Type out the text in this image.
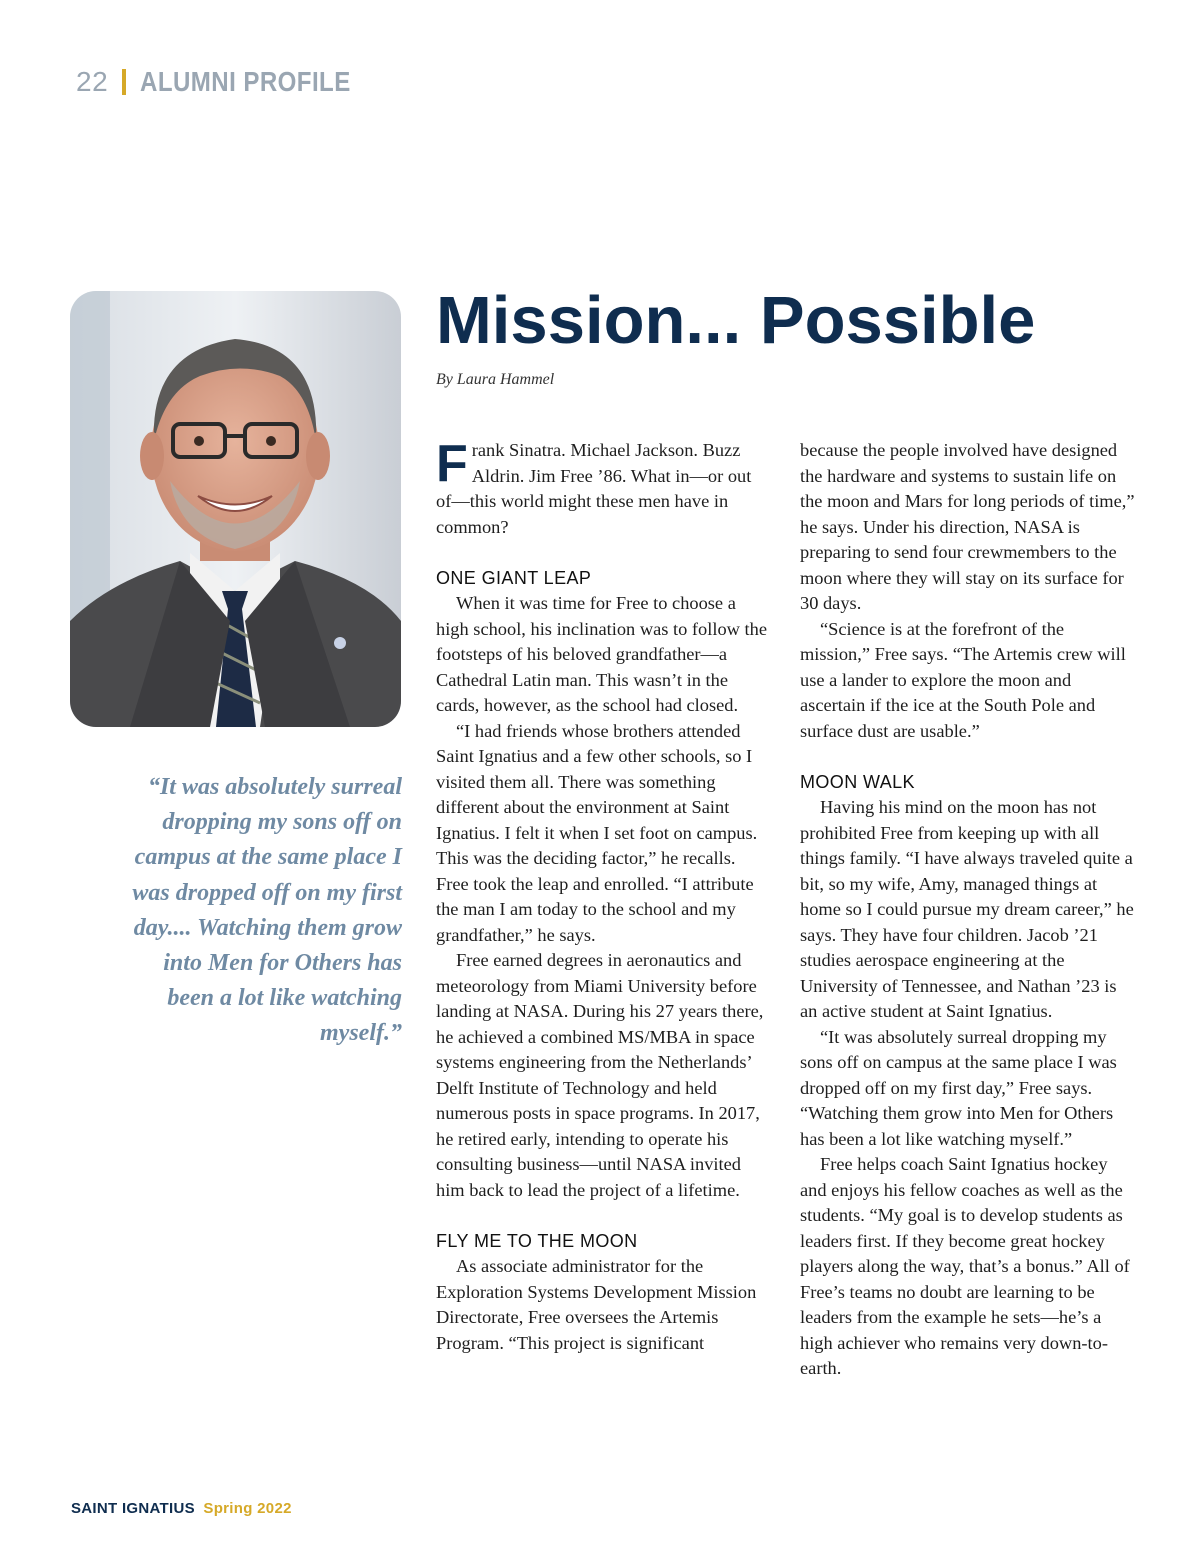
22 ALUMNI PROFILE
“It was absolutely surreal dropping my sons off on campus at the same place I was dropped off on my first day.... Watching them grow into Men for Others has been a lot like watching myself.”
Mission... Possible
By Laura Hammel

Frank Sinatra. Michael Jackson. Buzz Aldrin. Jim Free ’86. What in—or out of—this world might these men have in common?

ONE GIANT LEAP

When it was time for Free to choose a high school, his inclination was to follow the footsteps of his beloved grandfather—a Cathedral Latin man. This wasn’t in the cards, however, as the school had closed.

“I had friends whose brothers attended Saint Ignatius and a few other schools, so I visited them all. There was something different about the environment at Saint Ignatius. I felt it when I set foot on campus. This was the deciding factor,” he recalls. Free took the leap and enrolled. “I attribute the man I am today to the school and my grandfather,” he says.

Free earned degrees in aeronautics and meteorology from Miami University before landing at NASA. During his 27 years there, he achieved a combined MS/MBA in space systems engineering from the Netherlands’ Delft Institute of Technology and held numerous posts in space programs. In 2017, he retired early, intending to operate his consulting business—until NASA invited him back to lead the project of a lifetime.

FLY ME TO THE MOON

As associate administrator for the Exploration Systems Development Mission Directorate, Free oversees the Artemis Program. “This project is significant

because the people involved have designed the hardware and systems to sustain life on the moon and Mars for long periods of time,” he says. Under his direction, NASA is preparing to send four crewmembers to the moon where they will stay on its surface for 30 days.

“Science is at the forefront of the mission,” Free says. “The Artemis crew will use a lander to explore the moon and ascertain if the ice at the South Pole and surface dust are usable.”

MOON WALK

Having his mind on the moon has not prohibited Free from keeping up with all things family. “I have always traveled quite a bit, so my wife, Amy, managed things at home so I could pursue my dream career,” he says. They have four children. Jacob ’21 studies aerospace engineering at the University of Tennessee, and Nathan ’23 is an active student at Saint Ignatius.

“It was absolutely surreal dropping my sons off on campus at the same place I was dropped off on my first day,” Free says. “Watching them grow into Men for Others has been a lot like watching myself.”

Free helps coach Saint Ignatius hockey and enjoys his fellow coaches as well as the students. “My goal is to develop students as leaders first. If they become great hockey players along the way, that’s a bonus.” All of Free’s teams no doubt are learning to be leaders from the example he sets—he’s a high achiever who remains very down-to-earth.

SAINT IGNATIUS Spring 2022
